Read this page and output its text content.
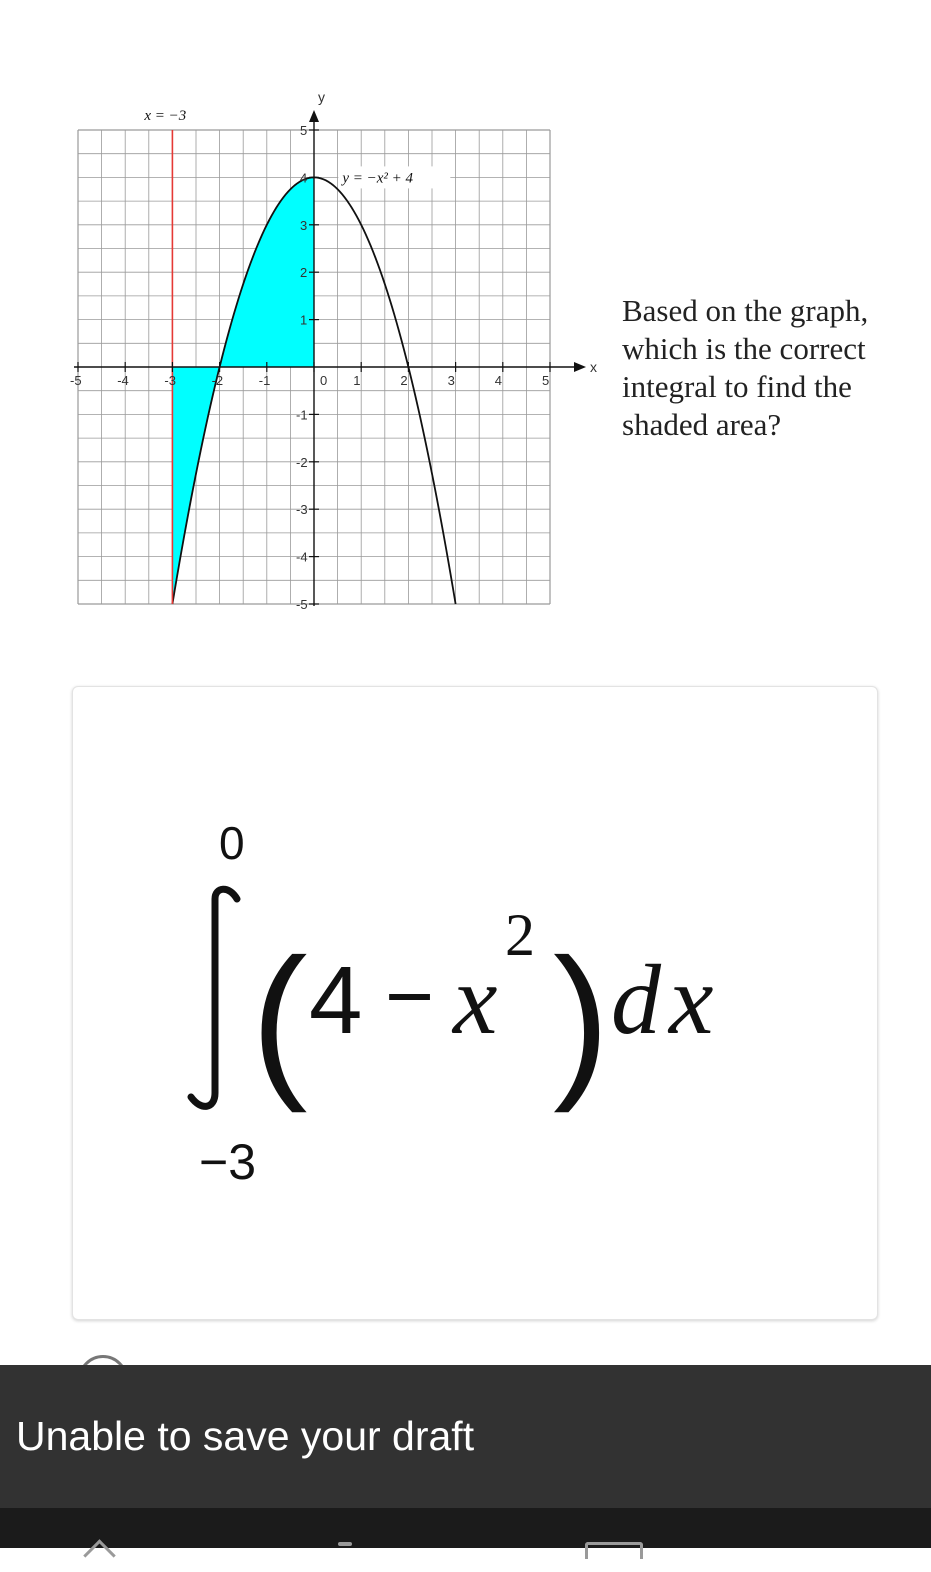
-5	-4	-3	-2	-1	0 1	2	3	4	5
5
4
3
2
1
-1
-2
-3
-4
-5
y
x
x = −3
y = −x² + 4
Based on the graph, which is the correct integral to find the shaded area?
0
−3
( 4 − x
2 ) d x
Unable to save your draft
